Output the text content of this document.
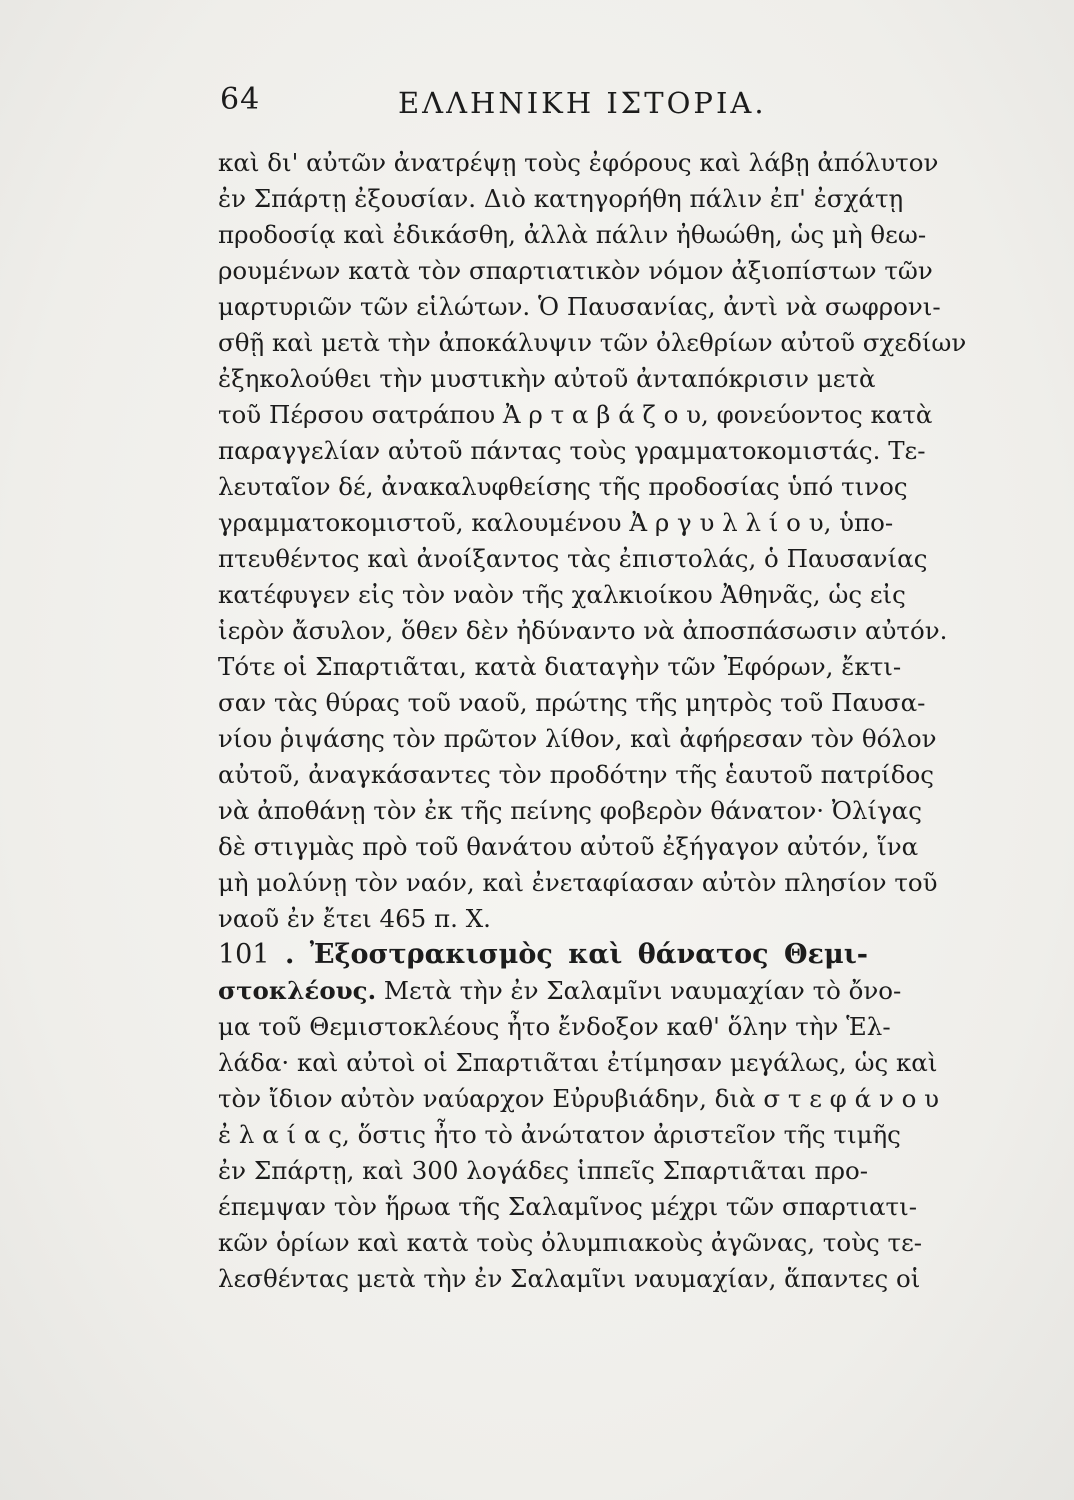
64	ΕΛΛΗΝΙΚΗ ΙΣΤΟΡΙΑ.
καὶ δι' αὐτῶν ἀνατρέψῃ τοὺς ἐφόρους καὶ λάβῃ ἀπόλυτον
ἐν Σπάρτῃ ἐξουσίαν. Διὸ κατηγορήθη πάλιν ἐπ' ἐσχάτῃ
προδοσίᾳ καὶ ἐδικάσθη, ἀλλὰ πάλιν ἠθωώθη, ὡς μὴ θεω-
ρουμένων κατὰ τὸν σπαρτιατικὸν νόμον ἀξιοπίστων τῶν
μαρτυριῶν τῶν εἱλώτων. Ὁ Παυσανίας, ἀντὶ νὰ σωφρονι-
σθῇ καὶ μετὰ τὴν ἀποκάλυψιν τῶν ὀλεθρίων αὐτοῦ σχεδίων
ἐξηκολούθει τὴν μυστικὴν αὐτοῦ ἀνταπόκρισιν μετὰ
τοῦ Πέρσου σατράπου Ἀ ρ τ α β ά ζ ο υ, φονεύοντος κατὰ
παραγγελίαν αὐτοῦ πάντας τοὺς γραμματοκομιστάς. Τε-
λευταῖον δέ, ἀνακαλυφθείσης τῆς προδοσίας ὑπό τινος
γραμματοκομιστοῦ, καλουμένου Ἀ ρ γ υ λ λ ί ο υ, ὑπο-
πτευθέντος καὶ ἀνοίξαντος τὰς ἐπιστολάς, ὁ Παυσανίας
κατέφυγεν εἰς τὸν ναὸν τῆς χαλκιοίκου Ἀθηνᾶς, ὡς εἰς
ἱερὸν ἄσυλον, ὅθεν δὲν ἠδύναντο νὰ ἀποσπάσωσιν αὐτόν.
Τότε οἱ Σπαρτιᾶται, κατὰ διαταγὴν τῶν Ἐφόρων, ἔκτι-
σαν τὰς θύρας τοῦ ναοῦ, πρώτης τῆς μητρὸς τοῦ Παυσα-
νίου ῥιψάσης τὸν πρῶτον λίθον, καὶ ἀφήρεσαν τὸν θόλον
αὐτοῦ, ἀναγκάσαντες τὸν προδότην τῆς ἑαυτοῦ πατρίδος
νὰ ἀποθάνῃ τὸν ἐκ τῆς πείνης φοβερὸν θάνατον· Ὀλίγας
δὲ στιγμὰς πρὸ τοῦ θανάτου αὐτοῦ ἐξήγαγον αὐτόν, ἵνα
μὴ μολύνῃ τὸν ναόν, καὶ ἐνεταφίασαν αὐτὸν πλησίον τοῦ
ναοῦ ἐν ἔτει 465 π. Χ.
101 . Ἐξοστρακισμὸς καὶ θάνατος Θεμι-
στοκλέους. Μετὰ τὴν ἐν Σαλαμῖνι ναυμαχίαν τὸ ὄνο-
μα τοῦ Θεμιστοκλέους ἦτο ἔνδοξον καθ' ὅλην τὴν Ἑλ-
λάδα· καὶ αὐτοὶ οἱ Σπαρτιᾶται ἐτίμησαν μεγάλως, ὡς καὶ
τὸν ἴδιον αὐτὸν ναύαρχον Εὐρυβιάδην, διὰ σ τ ε φ ά ν ο υ
ἐ λ α ί α ς, ὅστις ἦτο τὸ ἀνώτατον ἀριστεῖον τῆς τιμῆς
ἐν Σπάρτῃ, καὶ 300 λογάδες ἱππεῖς Σπαρτιᾶται προ-
έπεμψαν τὸν ἥρωα τῆς Σαλαμῖνος μέχρι τῶν σπαρτιατι-
κῶν ὁρίων καὶ κατὰ τοὺς ὀλυμπιακοὺς ἀγῶνας, τοὺς τε-
λεσθέντας μετὰ τὴν ἐν Σαλαμῖνι ναυμαχίαν, ἅπαντες οἱ
